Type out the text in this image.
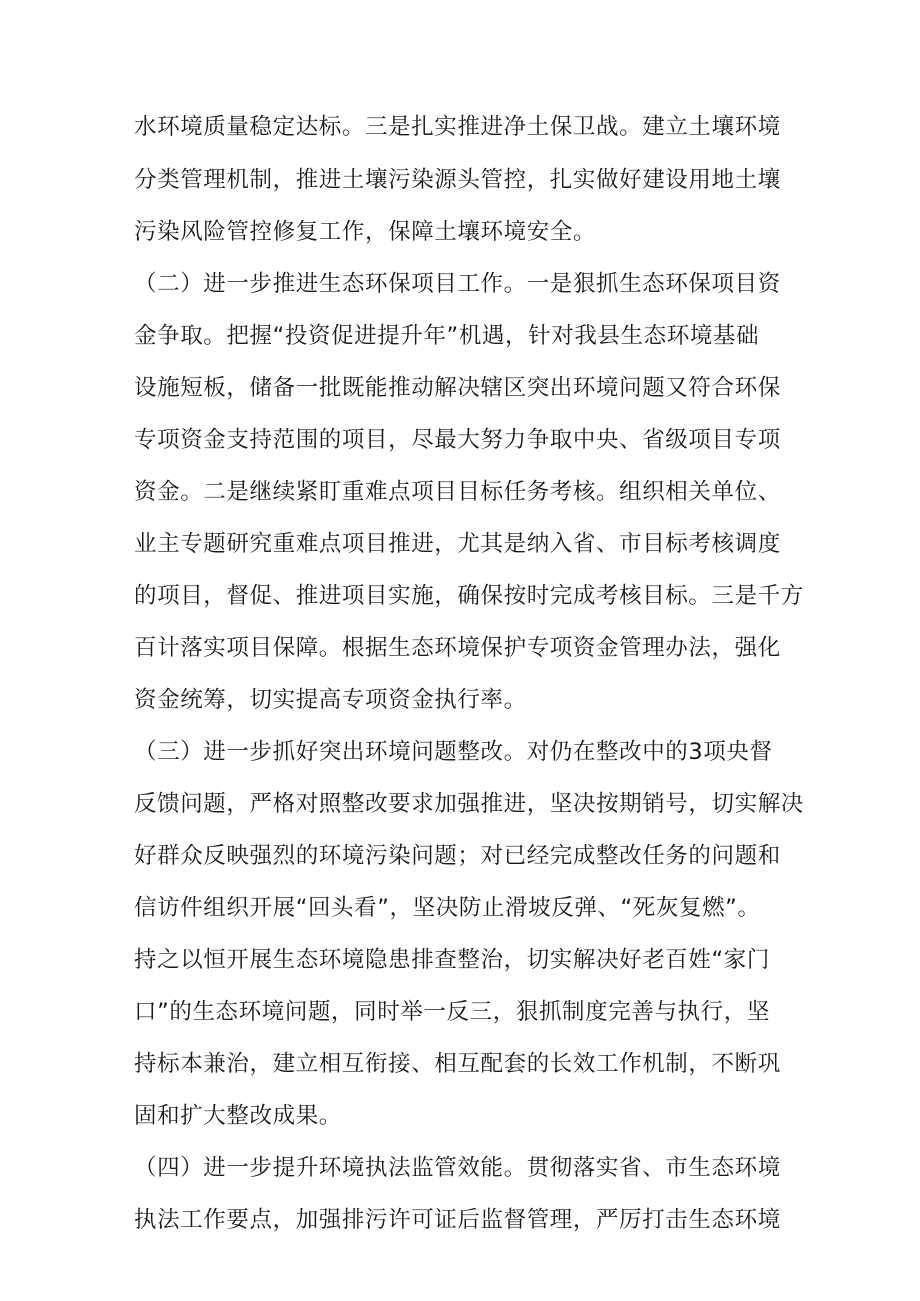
水环境质量稳定达标。三是扎实推进净土保卫战。建立土壤环境
分类管理机制，推进土壤污染源头管控，扎实做好建设用地土壤
污染风险管控修复工作，保障土壤环境安全。
（二）进一步推进生态环保项目工作。一是狠抓生态环保项目资
金争取。把握“投资促进提升年”机遇，针对我县生态环境基础
设施短板，储备一批既能推动解决辖区突出环境问题又符合环保
专项资金支持范围的项目，尽最大努力争取中央、省级项目专项
资金。二是继续紧盯重难点项目目标任务考核。组织相关单位、
业主专题研究重难点项目推进，尤其是纳入省、市目标考核调度
的项目，督促、推进项目实施，确保按时完成考核目标。三是千方
百计落实项目保障。根据生态环境保护专项资金管理办法，强化
资金统筹，切实提高专项资金执行率。
（三）进一步抓好突出环境问题整改。对仍在整改中的3项央督
反馈问题，严格对照整改要求加强推进，坚决按期销号，切实解决
好群众反映强烈的环境污染问题；对已经完成整改任务的问题和
信访件组织开展“回头看”，坚决防止滑坡反弹、“死灰复燃”。
持之以恒开展生态环境隐患排查整治，切实解决好老百姓“家门
口”的生态环境问题，同时举一反三，狠抓制度完善与执行，坚
持标本兼治，建立相互衔接、相互配套的长效工作机制，不断巩
固和扩大整改成果。
（四）进一步提升环境执法监管效能。贯彻落实省、市生态环境
执法工作要点，加强排污许可证后监督管理，严厉打击生态环境
